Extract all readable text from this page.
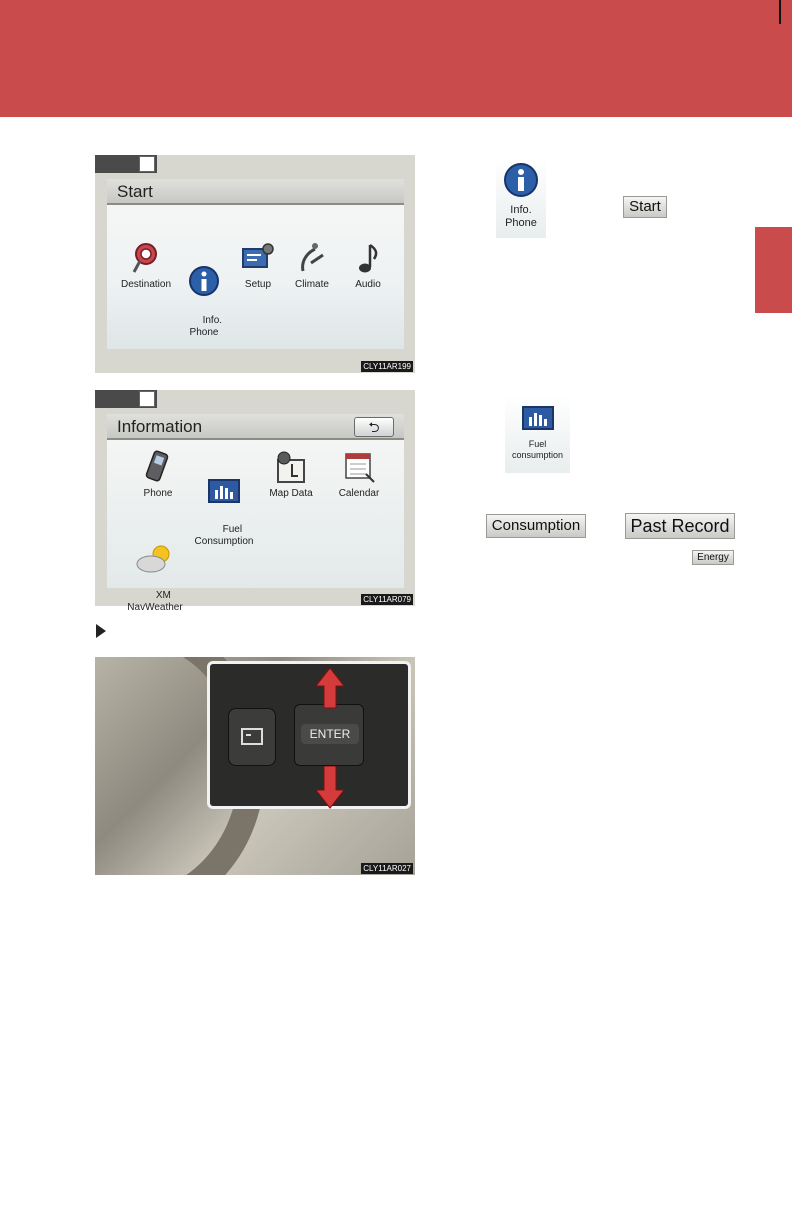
Start
Destination

Info.
Phone

Setup	Climate	Audio
CLY11AR199
Information	⮌
Phone

Fuel
Consumption

Map Data	Calendar

XM
NavWeather

CLY11AR079
ENTER
CLY11AR027
Info.
Phone
Start
Fuel
consumption
Consumption	Past Record
Energy
